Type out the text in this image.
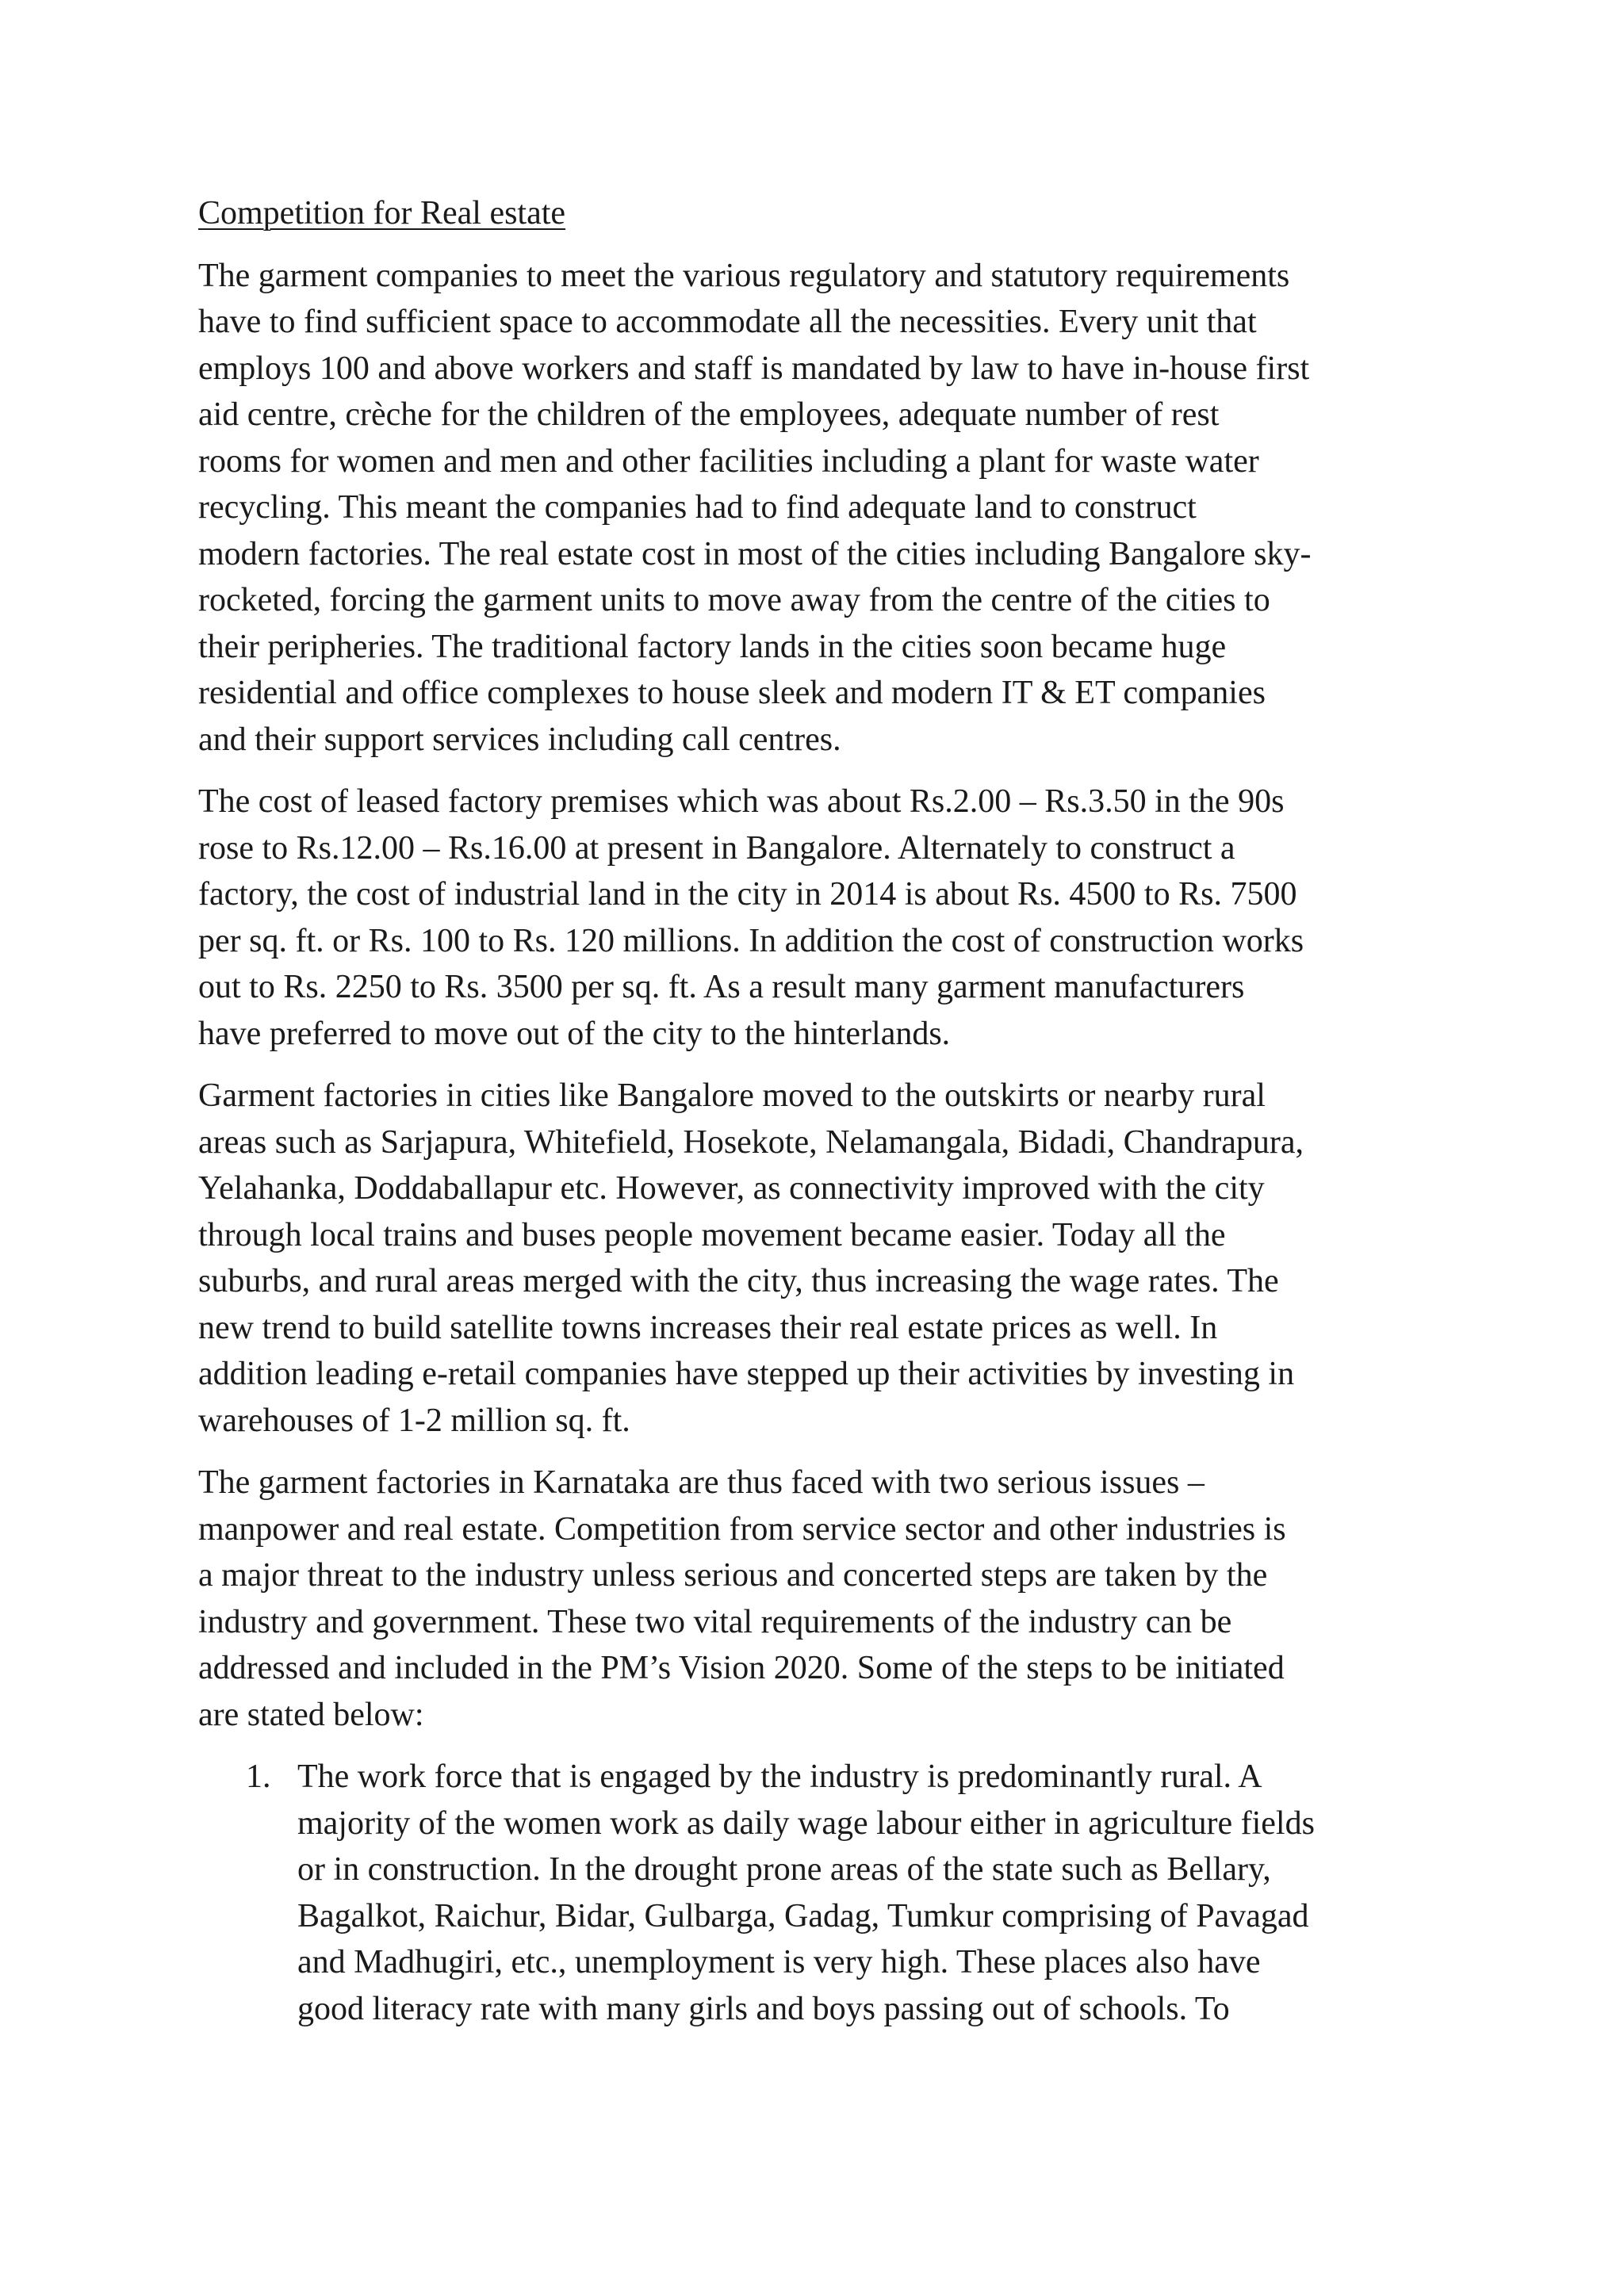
Competition for Real estate
The garment companies to meet the various regulatory and statutory requirements
have to find sufficient space to accommodate all the necessities. Every unit that
employs 100 and above workers and staff is mandated by law to have in-house first
aid centre, crèche for the children of the employees, adequate number of rest
rooms for women and men and other facilities including a plant for waste water
recycling. This meant the companies had to find adequate land to construct
modern factories. The real estate cost in most of the cities including Bangalore sky-
rocketed, forcing the garment units to move away from the centre of the cities to
their peripheries. The traditional factory lands in the cities soon became huge
residential and office complexes to house sleek and modern IT & ET companies
and their support services including call centres.
The cost of leased factory premises which was about Rs.2.00 – Rs.3.50 in the 90s
rose to Rs.12.00 – Rs.16.00 at present in Bangalore. Alternately to construct a
factory, the cost of industrial land in the city in 2014 is about Rs. 4500 to Rs. 7500
per sq. ft. or Rs. 100 to Rs. 120 millions. In addition the cost of construction works
out to Rs. 2250 to Rs. 3500 per sq. ft. As a result many garment manufacturers
have preferred to move out of the city to the hinterlands.
Garment factories in cities like Bangalore moved to the outskirts or nearby rural
areas such as Sarjapura, Whitefield, Hosekote, Nelamangala, Bidadi, Chandrapura,
Yelahanka, Doddaballapur etc. However, as connectivity improved with the city
through local trains and buses people movement became easier. Today all the
suburbs, and rural areas merged with the city, thus increasing the wage rates. The
new trend to build satellite towns increases their real estate prices as well. In
addition leading e-retail companies have stepped up their activities by investing in
warehouses of 1-2 million sq. ft.
The garment factories in Karnataka are thus faced with two serious issues –
manpower and real estate. Competition from service sector and other industries is
a major threat to the industry unless serious and concerted steps are taken by the
industry and government. These two vital requirements of the industry can be
addressed and included in the PM’s Vision 2020. Some of the steps to be initiated
are stated below:
1. The work force that is engaged by the industry is predominantly rural. A
majority of the women work as daily wage labour either in agriculture fields
or in construction. In the drought prone areas of the state such as Bellary,
Bagalkot, Raichur, Bidar, Gulbarga, Gadag, Tumkur comprising of Pavagad
and Madhugiri, etc., unemployment is very high. These places also have
good literacy rate with many girls and boys passing out of schools. To
